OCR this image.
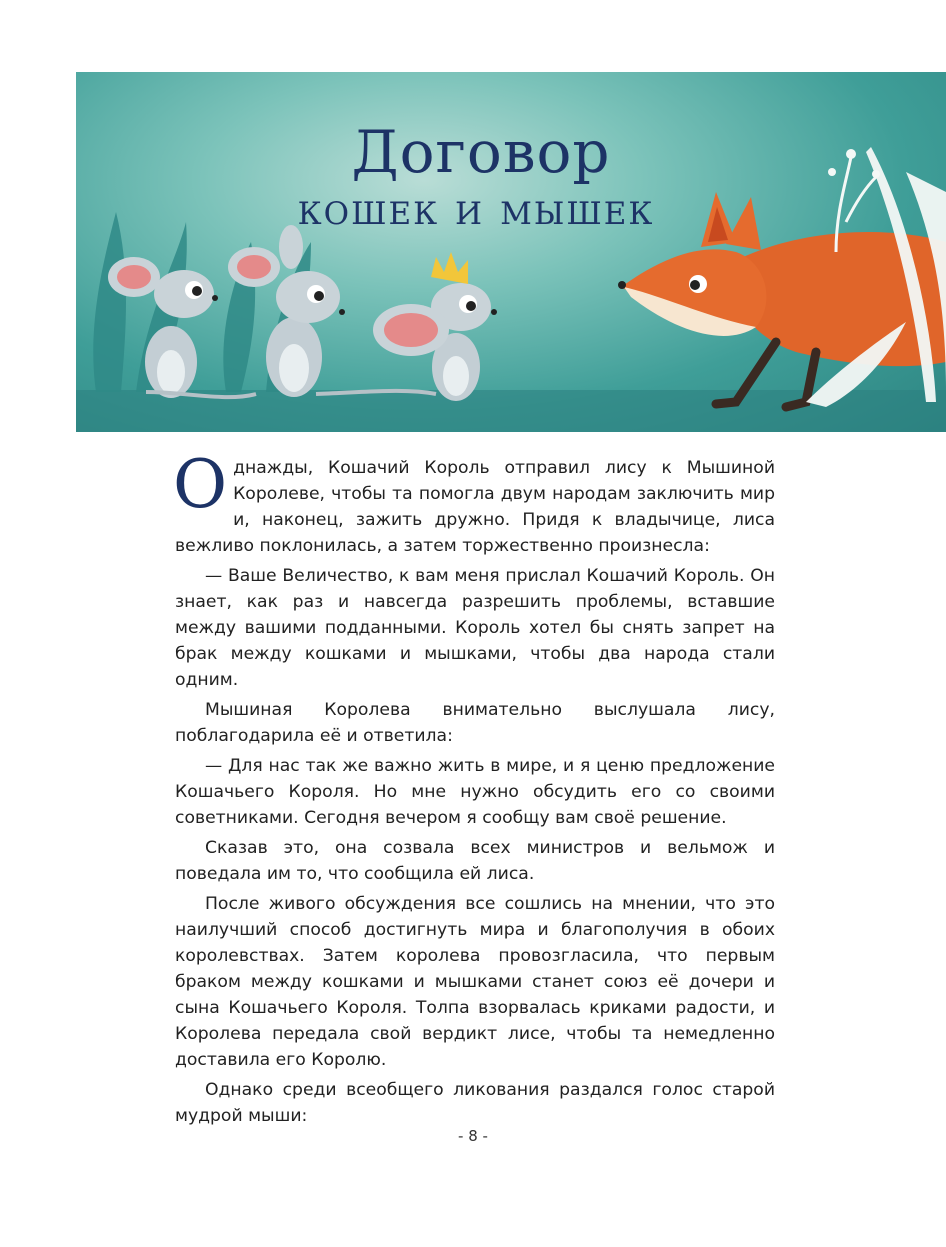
Договор
кошек и мышек

Однажды, Кошачий Король отправил лису к Мышиной Королеве, чтобы та помогла двум народам заключить мир и, наконец, зажить дружно. Придя к владычице, лиса вежливо поклонилась, а затем торжественно произнесла:

— Ваше Величество, к вам меня прислал Кошачий Король. Он знает, как раз и навсегда разрешить проблемы, вставшие между вашими подданными. Король хотел бы снять запрет на брак между кошками и мышками, чтобы два народа стали одним.

Мышиная Королева внимательно выслушала лису, поблагодарила её и ответила:

— Для нас так же важно жить в мире, и я ценю предложение Кошачьего Короля. Но мне нужно обсудить его со своими советниками. Сегодня вечером я сообщу вам своё решение.

Сказав это, она созвала всех министров и вельмож и поведала им то, что сообщила ей лиса.

После живого обсуждения все сошлись на мнении, что это наилучший способ достигнуть мира и благополучия в обоих королевствах. Затем королева провозгласила, что первым браком между кошками и мышками станет союз её дочери и сына Кошачьего Короля. Толпа взорвалась криками радости, и Королева передала свой вердикт лисе, чтобы та немедленно доставила его Королю.

Однако среди всеобщего ликования раздался голос старой мудрой мыши:

- 8 -
